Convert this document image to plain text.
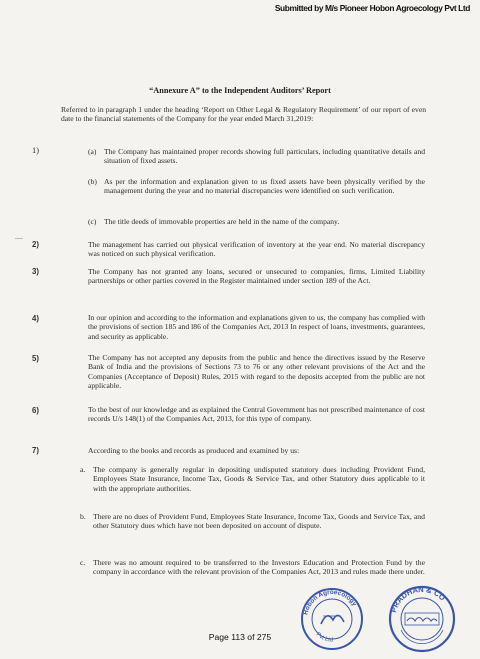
Submitted by M/s Pioneer Hobon Agroecology Pvt Ltd
“Annexure A” to the Independent Auditors’ Report

Referred to in paragraph 1 under the heading ‘Report on Other Legal & Regulatory Requirement’ of our report of even date to the financial statements of the Company for the year ended March 31,2019:

1)	(a) The Company has maintained proper records showing full particulars, including quantitative details and situation of fixed assets.

(b) As per the information and explanation given to us fixed assets have been physically verified by the management during the year and no material discrepancies were identified on such verification.

(c) The title deeds of immovable properties are held in the name of the company.

2)	The management has carried out physical verification of inventory at the year end. No material discrepancy was noticed on such physical verification.

3)	The Company has not granted any loans, secured or unsecured to companies, firms, Limited Liability partnerships or other parties covered in the Register maintained under section 189 of the Act.

4)	In our opinion and according to the information and explanations given to us, the company has complied with the provisions of section 185 and l86 of the Companies Act, 2013 In respect of loans, investments, guarantees, and security as applicable.

5)	The Company has not accepted any deposits from the public and hence the directives issued by the Reserve Bank of India and the provisions of Sections 73 to 76 or any other relevant provisions of the Act and the Companies (Acceptance of Deposit) Rules, 2015 with regard to the deposits accepted from the public are not applicable.

6)	To the best of our knowledge and as explained the Central Government has not prescribed maintenance of cost records U/s 148(1) of the Companies Act, 2013, for this type of company.

7)	According to the books and records as produced and examined by us:

a. The company is generally regular in depositing undisputed statutory dues including Provident Fund, Employees State Insurance, Income Tax, Goods & Service Tax, and other Statutory dues applicable to it with the appropriate authorities.

b. There are no dues of Provident Fund, Employees State Insurance, Income Tax, Goods and Service Tax, and other Statutory dues which have not been deposited on account of dispute.

c. There was no amount required to be transferred to the Investors Education and Protection Fund by the company in accordance with the relevant provision of the Companies Act, 2013 and rules made there under.

Hobon Agroecology
Pvt Ltd
PRADHAN & CO
Page 113 of 275
